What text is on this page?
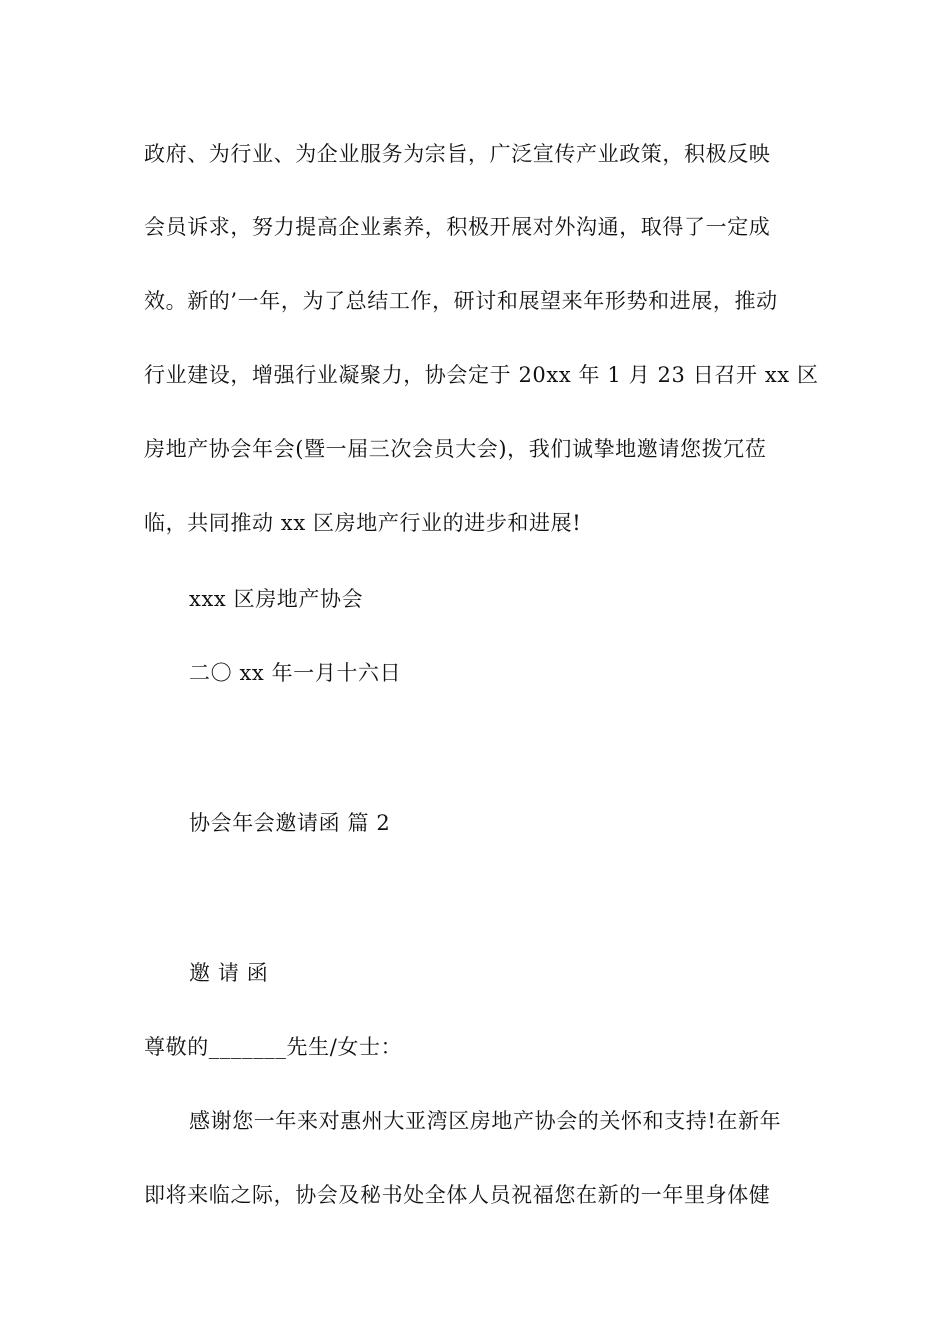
政府、为行业、为企业服务为宗旨，广泛宣传产业政策，积极反映
会员诉求，努力提高企业素养，积极开展对外沟通，取得了一定成
效。新的’一年，为了总结工作，研讨和展望来年形势和进展，推动
行业建设，增强行业凝聚力，协会定于 20xx 年 1 月 23 日召开 xx 区
房地产协会年会(暨一届三次会员大会)，我们诚挚地邀请您拨冗莅
临，共同推动 xx 区房地产行业的进步和进展!
xxx 区房地产协会
二〇 xx 年一月十六日
协会年会邀请函 篇 2
邀 请 函
尊敬的_______先生/女士：
感谢您一年来对惠州大亚湾区房地产协会的关怀和支持!在新年
即将来临之际，协会及秘书处全体人员祝福您在新的一年里身体健
